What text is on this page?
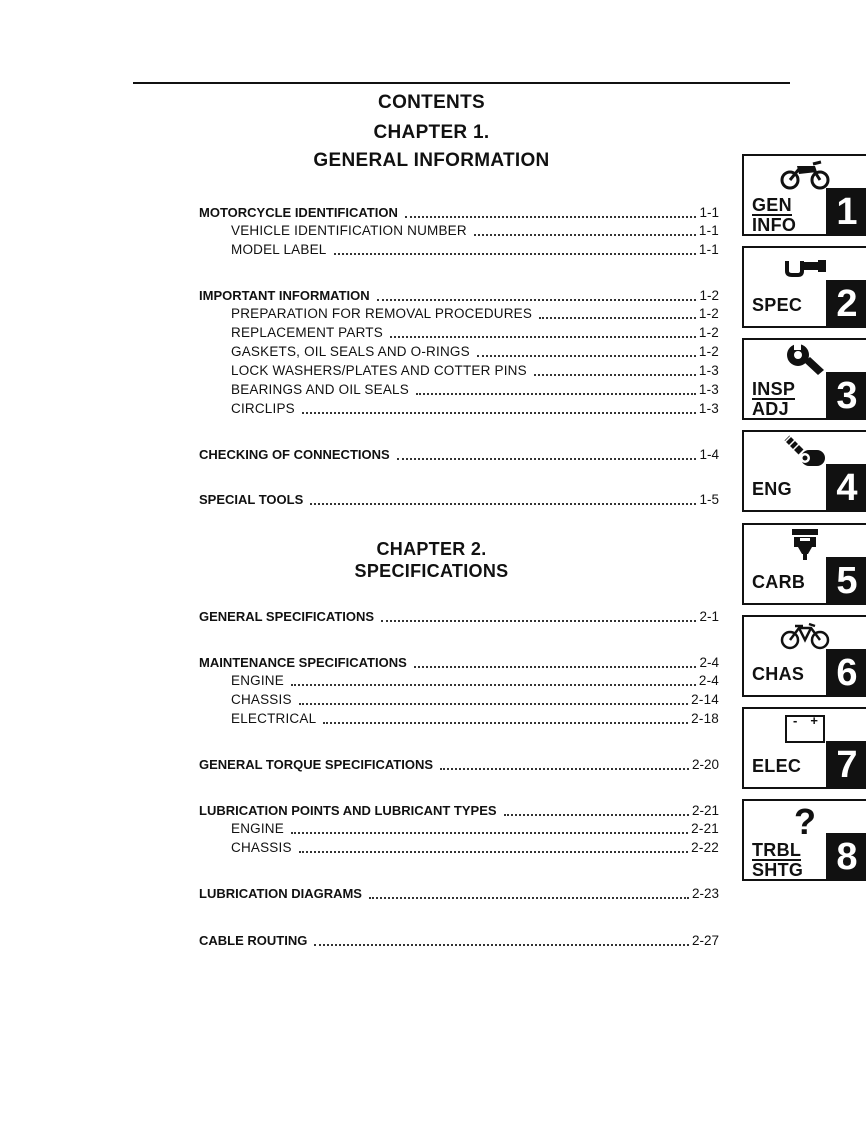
CONTENTS
CHAPTER 1.
GENERAL INFORMATION
MOTORCYCLE IDENTIFICATION	1-1
VEHICLE IDENTIFICATION NUMBER	1-1
MODEL LABEL	1-1
IMPORTANT INFORMATION	1-2
PREPARATION FOR REMOVAL PROCEDURES	1-2
REPLACEMENT PARTS	1-2
GASKETS, OIL SEALS AND O-RINGS	1-2
LOCK WASHERS/PLATES AND COTTER PINS	1-3
BEARINGS AND OIL SEALS	1-3
CIRCLIPS	1-3
CHECKING OF CONNECTIONS	1-4
SPECIAL TOOLS	1-5
CHAPTER 2.
SPECIFICATIONS
GENERAL SPECIFICATIONS	2-1
MAINTENANCE SPECIFICATIONS	2-4
ENGINE	2-4
CHASSIS	2-14
ELECTRICAL	2-18
GENERAL TORQUE SPECIFICATIONS	2-20
LUBRICATION POINTS AND LUBRICANT TYPES	2-21
ENGINE	2-21
CHASSIS	2-22
LUBRICATION DIAGRAMS	2-23
CABLE ROUTING	2-27
GEN
INFO	1
SPEC 2
INSP
ADJ	3
ENG	4
CARB 5
CHAS 6
- +
ELEC 7
?
TRBL
SHTG 8
